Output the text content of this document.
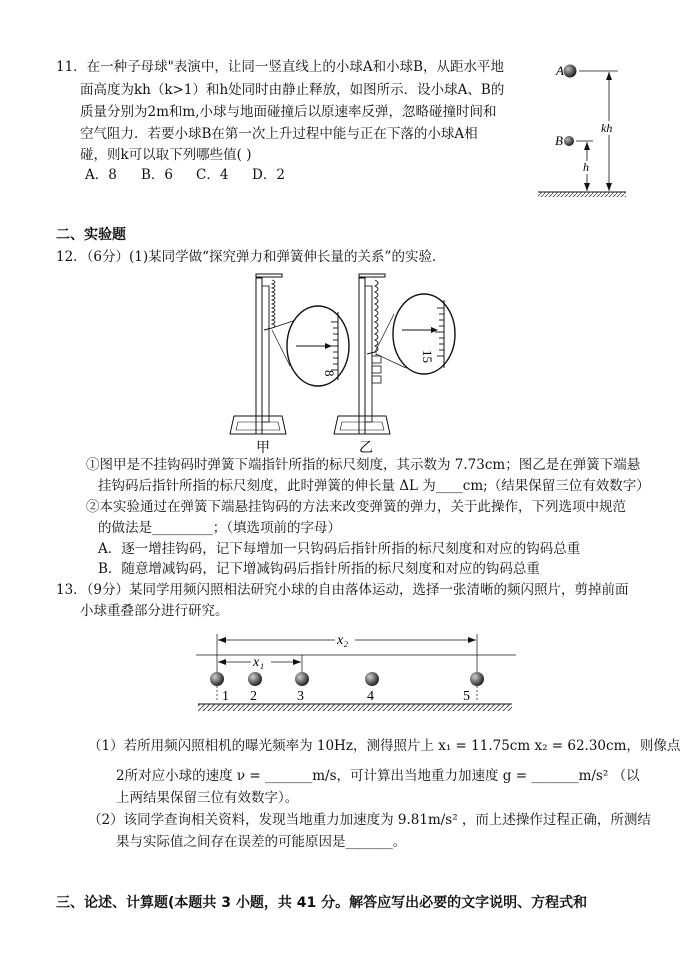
11．在一种子母球"表演中，让同一竖直线上的小球A和小球B，从距水平地
面高度为kh（k>1）和h处同时由静止释放，如图所示．设小球A、B的
质量分别为2m和m,小球与地面碰撞后以原速率反弹，忽略碰撞时间和
空气阻力．若要小球B在第一次上升过程中能与正在下落的小球A相
碰，则k可以取下列哪些值( )
A．8 B．6 C．4 D．2
A
B
kh
h
二、实验题
12．（6分）(1)某同学做“探究弹力和弹簧伸长量的关系”的实验．
8
15
甲	乙
①图甲是不挂钩码时弹簧下端指针所指的标尺刻度，其示数为 7.73cm；图乙是在弹簧下端悬
挂钩码后指针所指的标尺刻度，此时弹簧的伸长量 ΔL 为____cm;（结果保留三位有效数字）
②本实验通过在弹簧下端悬挂钩码的方法来改变弹簧的弹力，关于此操作，下列选项中规范
的做法是_________；（填选项前的字母）
A．逐一增挂钩码，记下每增加一只钩码后指针所指的标尺刻度和对应的钩码总重
B．随意增减钩码，记下增减钩码后指针所指的标尺刻度和对应的钩码总重
13．（9分）某同学用频闪照相法研究小球的自由落体运动，选择一张清晰的频闪照片，剪掉前面
小球重叠部分进行研究。
x₂
x₁
1 2	3	4	5
（1）若所用频闪照相机的曝光频率为 10Hz，测得照片上 x₁ = 11.75cm x₂ = 62.30cm，则像点
2所对应小球的速度 ν = _______m/s，可计算出当地重力加速度 g = _______m/s² （以
上两结果保留三位有效数字）。
（2）该同学查询相关资料，发现当地重力加速度为 9.81m/s² ，而上述操作过程正确，所测结
果与实际值之间存在误差的可能原因是_______。
三、论述、计算题(本题共 3 小题，共 41 分。解答应写出必要的文字说明、方程式和
